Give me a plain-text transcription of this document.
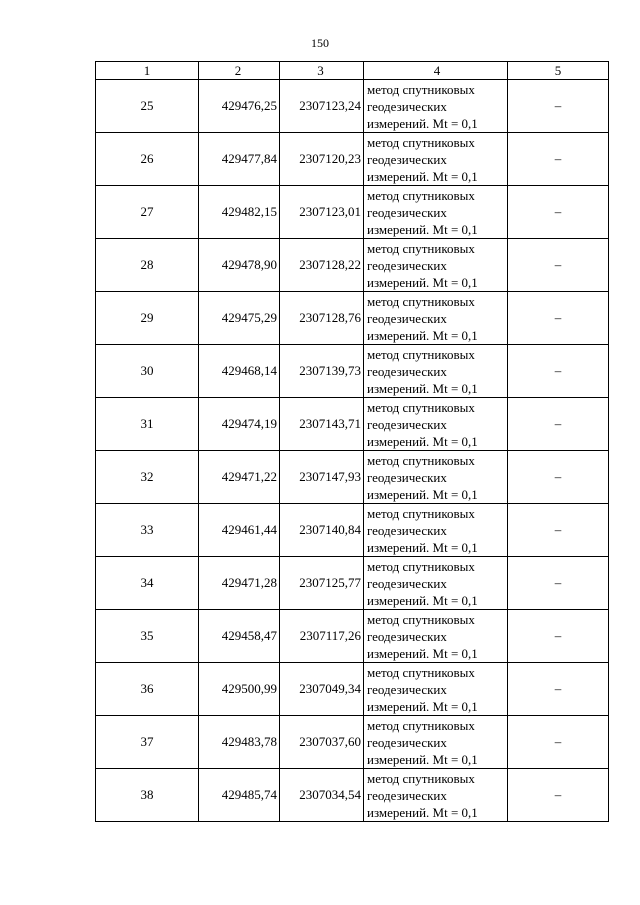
150
1	2	3	4	5
25	429476,25	2307123,24	метод спутниковых
геодезических
измерений. Mt = 0,1	–
26	429477,84	2307120,23	метод спутниковых
геодезических
измерений. Mt = 0,1	–
27	429482,15	2307123,01	метод спутниковых
геодезических
измерений. Mt = 0,1	–
28	429478,90	2307128,22	метод спутниковых
геодезических
измерений. Mt = 0,1	–
29	429475,29	2307128,76	метод спутниковых
геодезических
измерений. Mt = 0,1	–
30	429468,14	2307139,73	метод спутниковых
геодезических
измерений. Mt = 0,1	–
31	429474,19	2307143,71	метод спутниковых
геодезических
измерений. Mt = 0,1	–
32	429471,22	2307147,93	метод спутниковых
геодезических
измерений. Mt = 0,1	–
33	429461,44	2307140,84	метод спутниковых
геодезических
измерений. Mt = 0,1	–
34	429471,28	2307125,77	метод спутниковых
геодезических
измерений. Mt = 0,1	–
35	429458,47	2307117,26	метод спутниковых
геодезических
измерений. Mt = 0,1	–
36	429500,99	2307049,34	метод спутниковых
геодезических
измерений. Mt = 0,1	–
37	429483,78	2307037,60	метод спутниковых
геодезических
измерений. Mt = 0,1	–
38	429485,74	2307034,54	метод спутниковых
геодезических
измерений. Mt = 0,1	–
